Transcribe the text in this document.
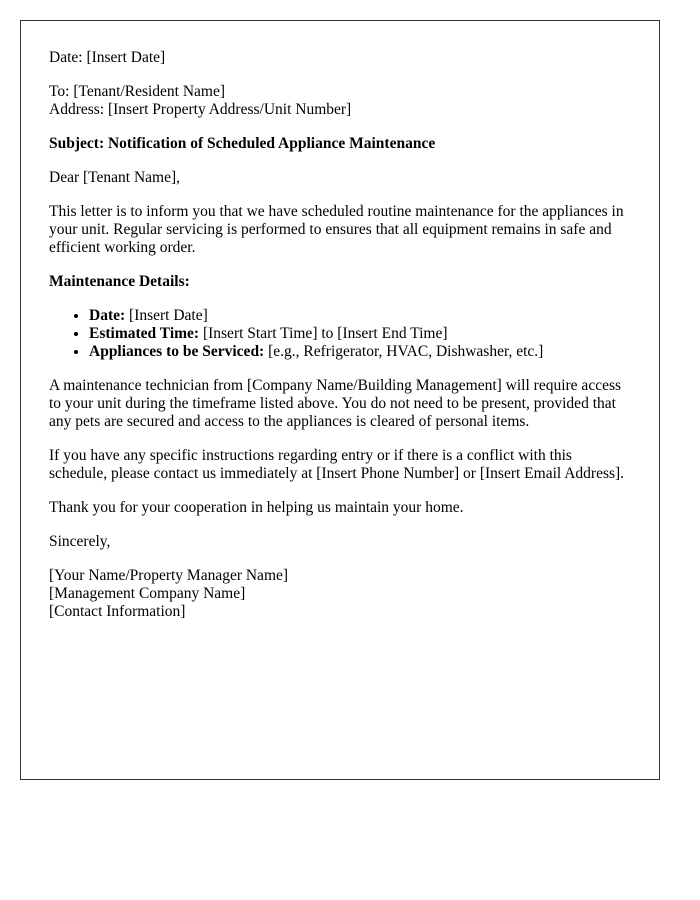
Date: [Insert Date]

To: [Tenant/Resident Name]
Address: [Insert Property Address/Unit Number]

Subject: Notification of Scheduled Appliance Maintenance

Dear [Tenant Name],

This letter is to inform you that we have scheduled routine maintenance for the appliances in your unit. Regular servicing is performed to ensures that all equipment remains in safe and efficient working order.

Maintenance Details:

• Date: [Insert Date]
• Estimated Time: [Insert Start Time] to [Insert End Time]
• Appliances to be Serviced: [e.g., Refrigerator, HVAC, Dishwasher, etc.]

A maintenance technician from [Company Name/Building Management] will require access to your unit during the timeframe listed above. You do not need to be present, provided that any pets are secured and access to the appliances is cleared of personal items.

If you have any specific instructions regarding entry or if there is a conflict with this schedule, please contact us immediately at [Insert Phone Number] or [Insert Email Address].

Thank you for your cooperation in helping us maintain your home.

Sincerely,

[Your Name/Property Manager Name]

[Management Company Name]

[Contact Information]
